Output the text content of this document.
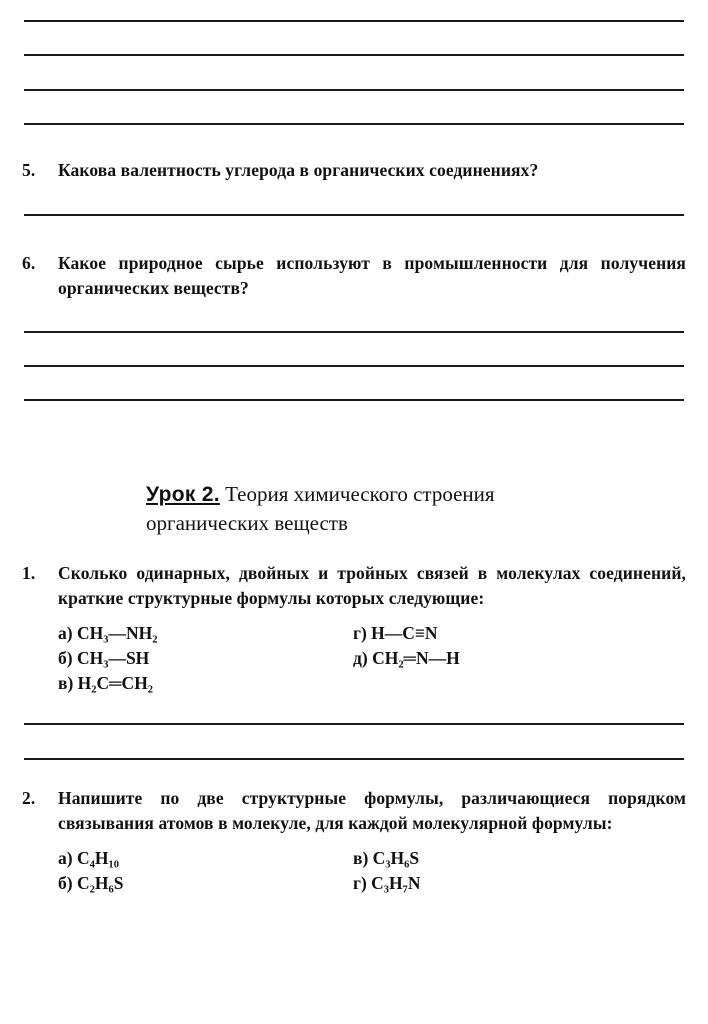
5.	Какова валентность углерода в органических соединениях?
6.	Какое природное сырье используют в промышленности для получения органических веществ?
Урок 2. Теория химического строения
органических веществ
1.	Сколько одинарных, двойных и тройных связей в молекулах соединений, краткие структурные формулы которых следующие:
а) CH₃—NH₂
б) CH₃—SH
в) H₂C═CH₂
г) H—C≡N
д) CH₂═N—H
2.	Напишите по две структурные формулы, различающиеся порядком связывания атомов в молекуле, для каждой молекулярной формулы:
а) C₄H₁₀
б) C₂H₆S
в) C₃H₆S
г) C₃H₇N
